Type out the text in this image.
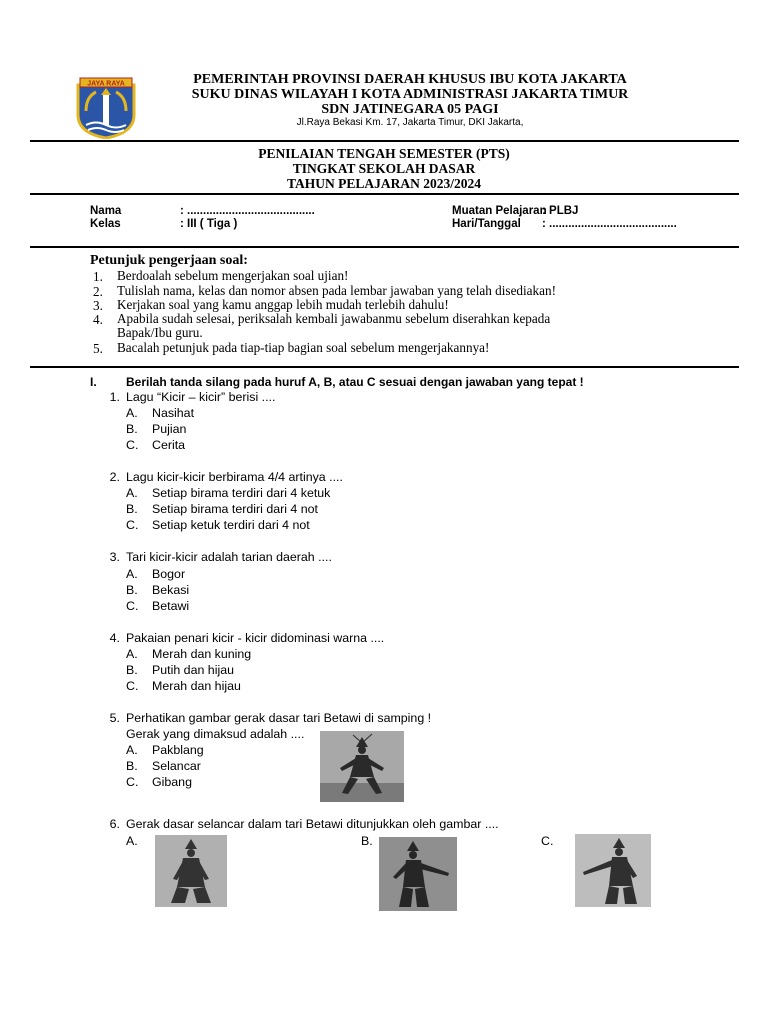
JAYA RAYA	PEMERINTAH PROVINSI DAERAH KHUSUS IBU KOTA JAKARTA
SUKU DINAS WILAYAH I KOTA ADMINISTRASI JAKARTA TIMUR
SDN JATINEGARA 05 PAGI
Jl.Raya Bekasi Km. 17, Jakarta Timur, DKI Jakarta,
PENILAIAN TENGAH SEMESTER (PTS)
TINGKAT SEKOLAH DASAR
TAHUN PELAJARAN 2023/2024
Nama	: ........................................
Kelas	: III ( Tiga )
Muatan Pelajaran
: PLBJ
Hari/Tanggal : ........................................
Petunjuk pengerjaan soal:
1.	Berdoalah sebelum mengerjakan soal ujian!
2.	Tulislah nama, kelas dan nomor absen pada lembar jawaban yang telah disediakan!
3.	Kerjakan soal yang kamu anggap lebih mudah terlebih dahulu!
4.	Apabila sudah selesai, periksalah kembali jawabanmu sebelum diserahkan kepada
Bapak/Ibu guru.
5.	Bacalah petunjuk pada tiap-tiap bagian soal sebelum mengerjakannya!
I. Berilah tanda silang pada huruf A, B, atau C sesuai dengan jawaban yang tepat !
1. Lagu “Kicir – kicir” berisi ....
A. Nasihat
B. Pujian
C. Cerita
2. Lagu kicir-kicir berbirama 4/4 artinya ....
A. Setiap birama terdiri dari 4 ketuk
B. Setiap birama terdiri dari 4 not
C. Setiap ketuk terdiri dari 4 not
3. Tari kicir-kicir adalah tarian daerah ....
A. Bogor
B. Bekasi
C. Betawi
4. Pakaian penari kicir - kicir didominasi warna ....
A. Merah dan kuning
B. Putih dan hijau
C. Merah dan hijau
5. Perhatikan gambar gerak dasar tari Betawi di samping !
Gerak yang dimaksud adalah ....
A. Pakblang
B. Selancar
C. Gibang
6. Gerak dasar selancar dalam tari Betawi ditunjukkan oleh gambar ....
A.	B.	C.
